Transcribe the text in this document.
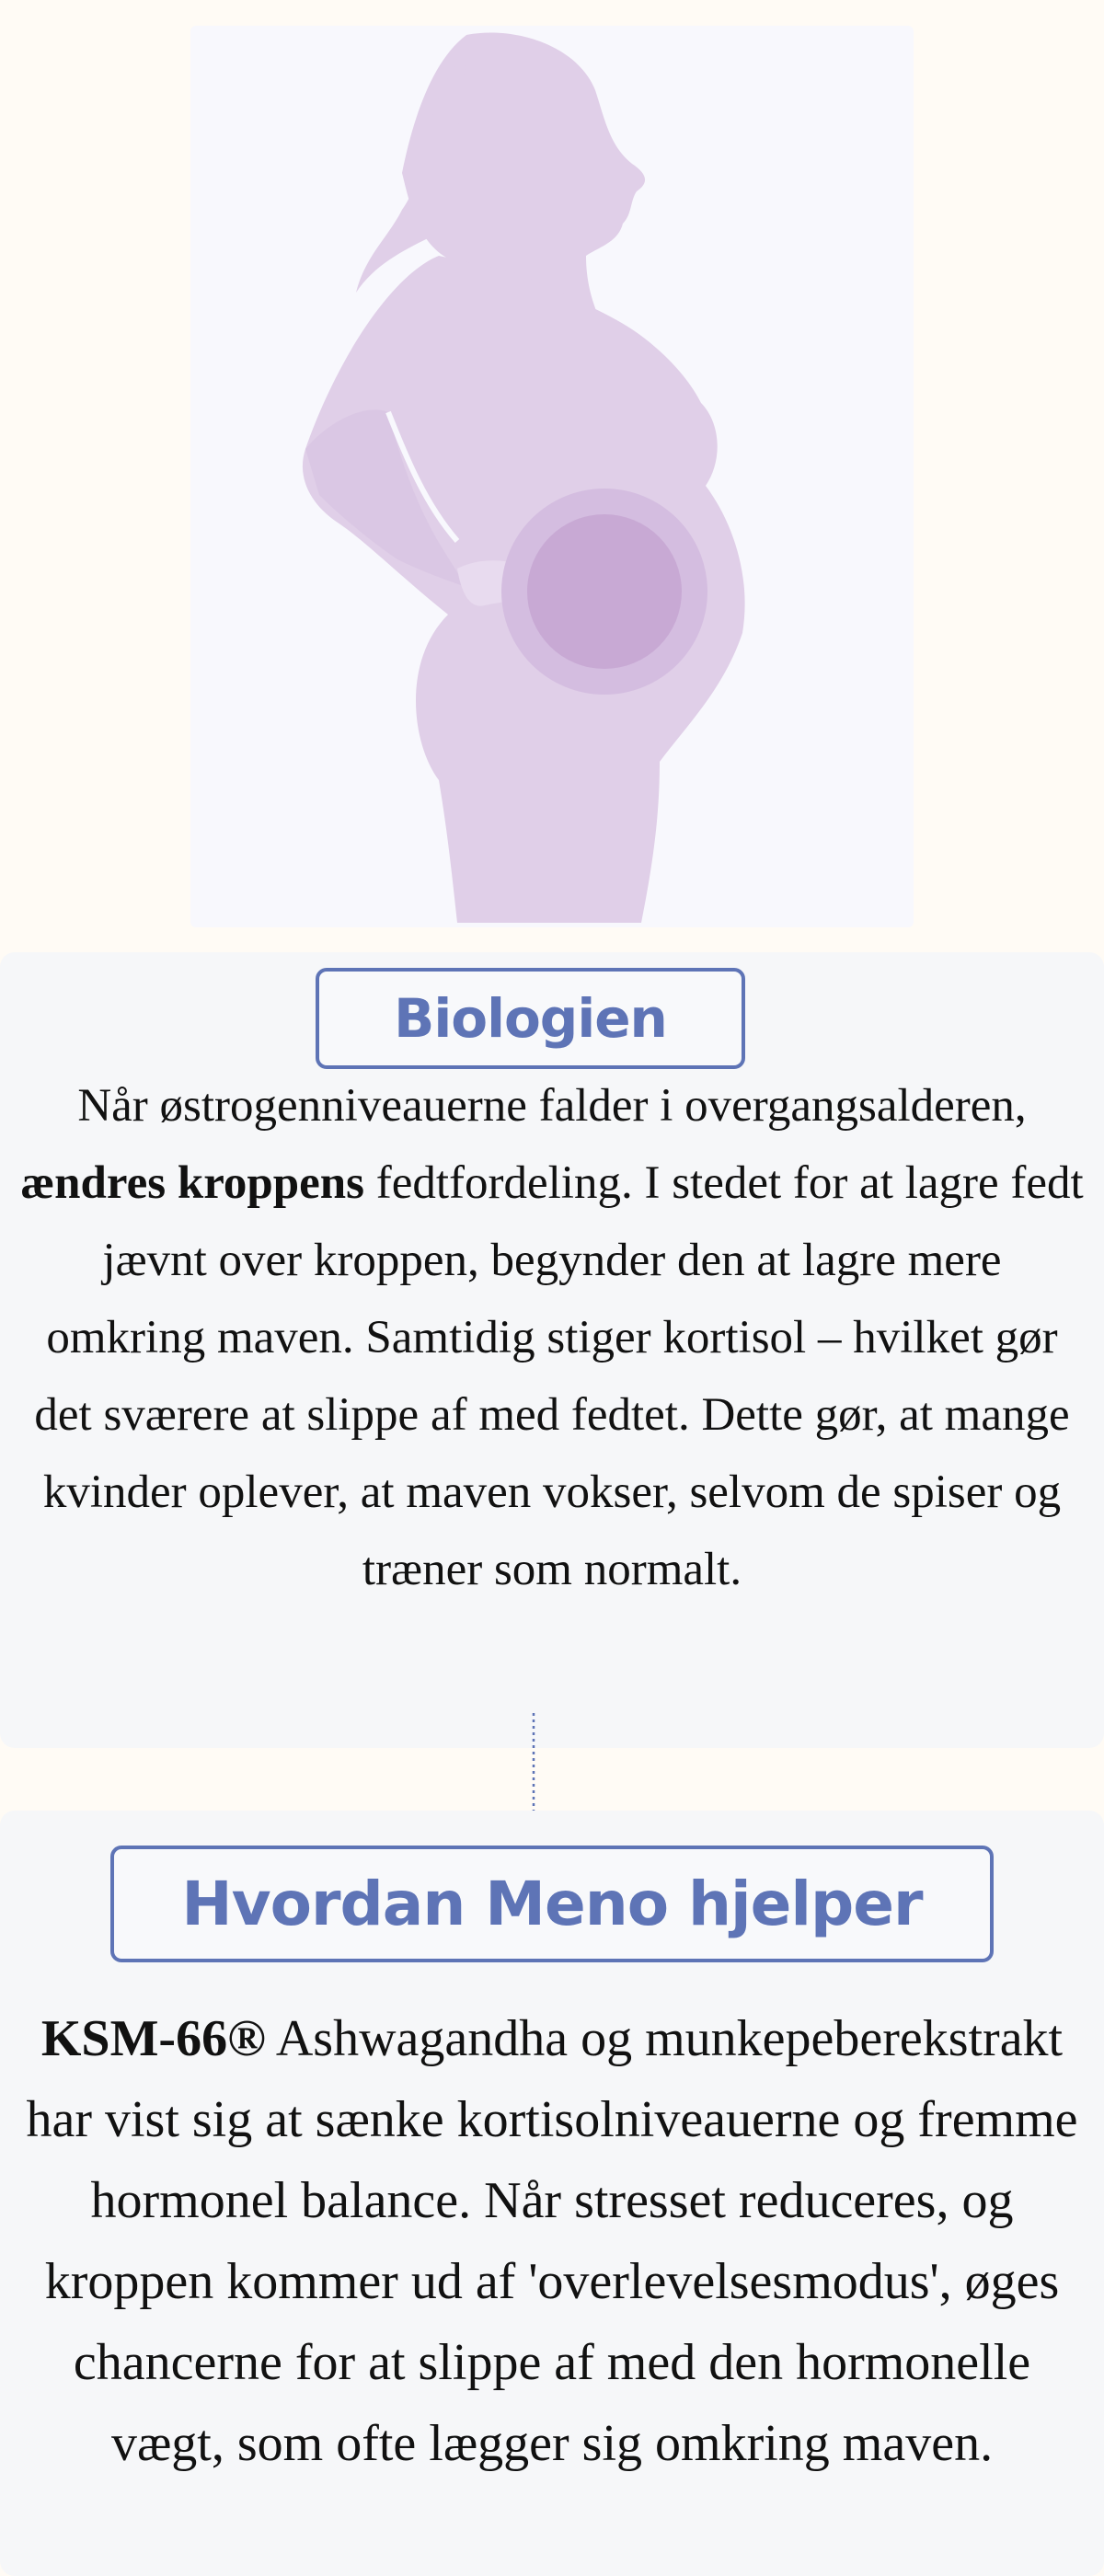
Biologien
Når østrogenniveauerne falder i overgangsalderen, ændres kroppens fedtfordeling. I stedet for at lagre fedt jævnt over kroppen, begynder den at lagre mere omkring maven. Samtidig stiger kortisol – hvilket gør det sværere at slippe af med fedtet. Dette gør, at mange kvinder oplever, at maven vokser, selvom de spiser og træner som normalt.
Hvordan Meno hjelper
KSM-66® Ashwagandha og munkepeberekstrakt har vist sig at sænke kortisolniveauerne og fremme hormonel balance. Når stresset reduceres, og kroppen kommer ud af 'overlevelsesmodus', øges chancerne for at slippe af med den hormonelle vægt, som ofte lægger sig omkring maven.
